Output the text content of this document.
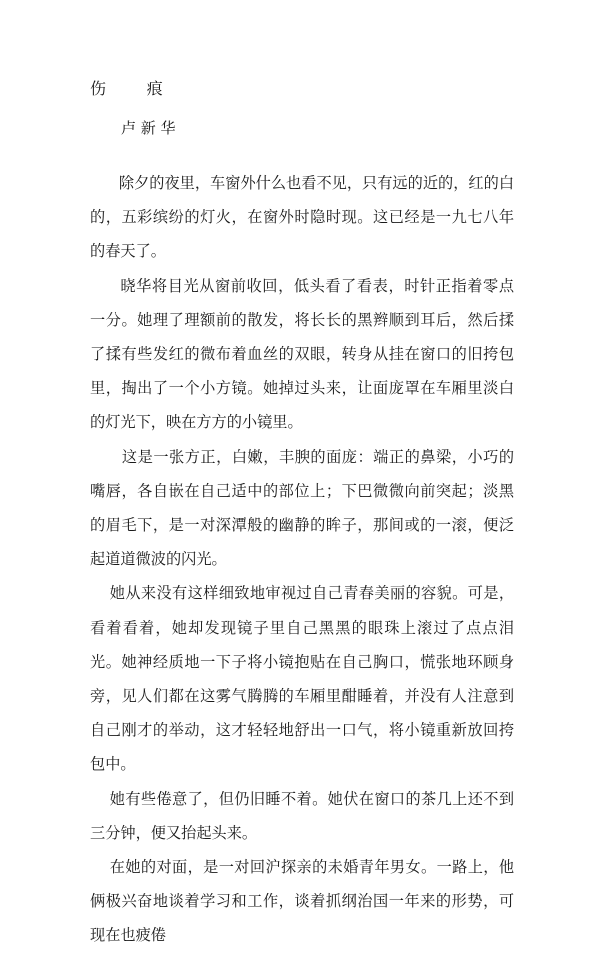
伤        痕
卢 新 华

除夕的夜里，车窗外什么也看不见，只有远的近的，红的白的，五彩缤纷的灯火，在窗外时隐时现。这已经是一九七八年的春天了。

晓华将目光从窗前收回，低头看了看表，时针正指着零点一分。她理了理额前的散发，将长长的黑辫顺到耳后，然后揉了揉有些发红的微布着血丝的双眼，转身从挂在窗口的旧挎包里，掏出了一个小方镜。她掉过头来，让面庞罩在车厢里淡白的灯光下，映在方方的小镜里。

这是一张方正，白嫩，丰腴的面庞：端正的鼻梁，小巧的嘴唇，各自嵌在自己适中的部位上；下巴微微向前突起；淡黑的眉毛下，是一对深潭般的幽静的眸子，那间或的一滚，便泛起道道微波的闪光。

她从来没有这样细致地审视过自己青春美丽的容貌。可是，看着看着，她却发现镜子里自己黑黑的眼珠上滚过了点点泪光。她神经质地一下子将小镜抱贴在自己胸口，慌张地环顾身旁，见人们都在这雾气腾腾的车厢里酣睡着，并没有人注意到自己刚才的举动，这才轻轻地舒出一口气，将小镜重新放回挎包中。

她有些倦意了，但仍旧睡不着。她伏在窗口的茶几上还不到三分钟，便又抬起头来。

在她的对面，是一对回沪探亲的未婚青年男女。一路上，他俩极兴奋地谈着学习和工作，谈着抓纲治国一年来的形势，可现在也疲倦
